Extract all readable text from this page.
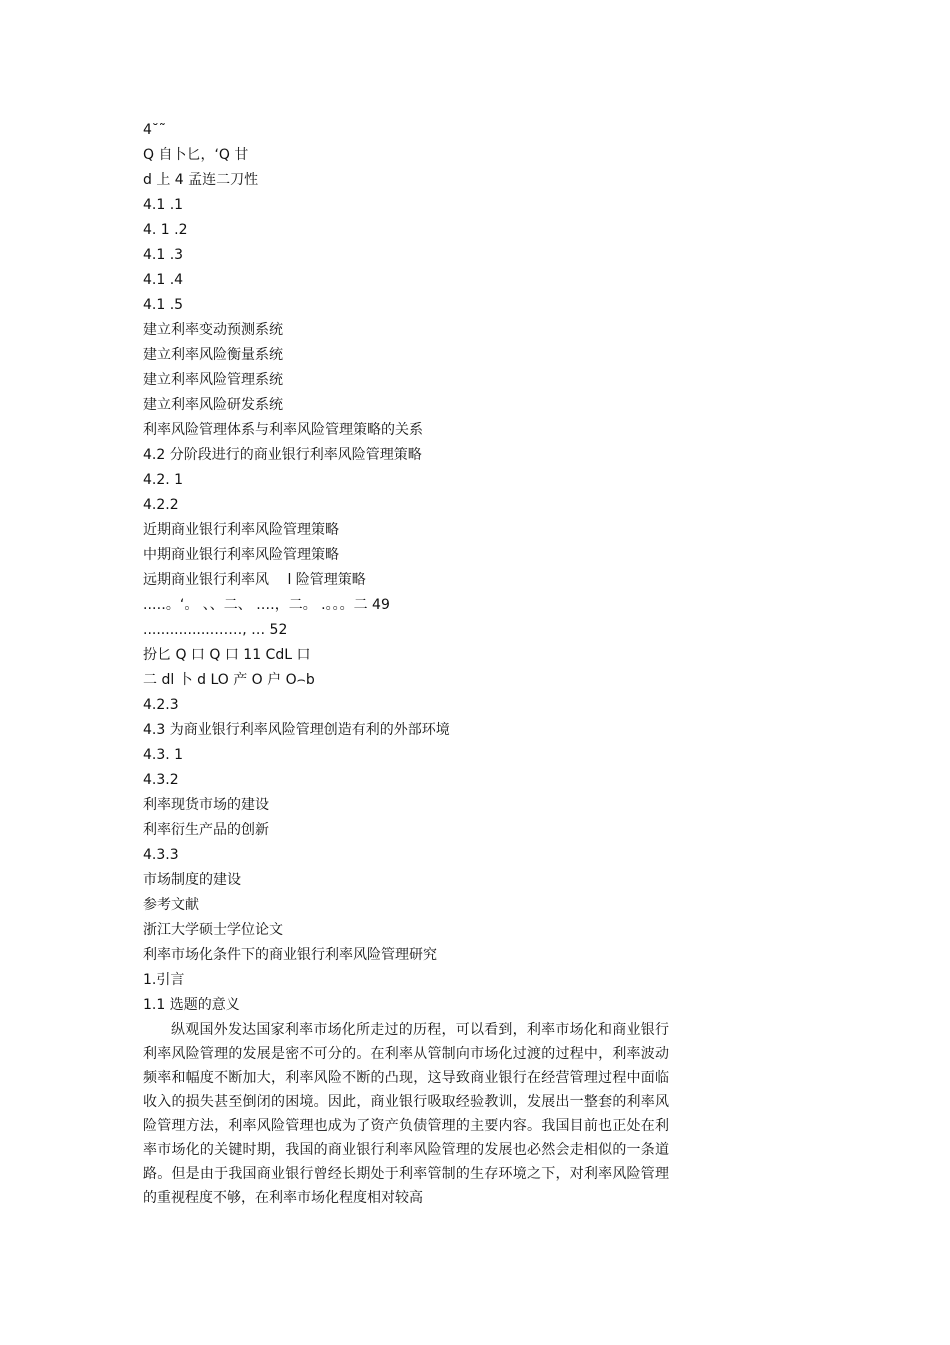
4˘˜
Q 自卜匕，‘Q 甘
d 上 4 孟连二刀性
4.1 .1
4. 1 .2
4.1 .3
4.1 .4
4.1 .5
建立利率变动预测系统
建立利率风险衡量系统
建立利率风险管理系统
建立利率风险研发系统
利率风险管理体系与利率风险管理策略的关系
4.2 分阶段进行的商业银行利率风险管理策略
4.2. 1
4.2.2
近期商业银行利率风险管理策略
中期商业银行利率风险管理策略
远期商业银行利率风　 l 险管理策略
..…。‘。 、、二、 .…，二。 .。。。二 49
................……, … 52
扮匕 Q 口 Q 口 11 CdL 口
二 dl 卜 d LO 产 O 户 O⌢b
4.2.3
4.3 为商业银行利率风险管理创造有利的外部环境
4.3. 1
4.3.2
利率现货市场的建设
利率衍生产品的创新
4.3.3
市场制度的建设
参考文献
浙江大学硕士学位论文
利率市场化条件下的商业银行利率风险管理研究
1.引言
1.1 选题的意义

纵观国外发达国家利率市场化所走过的历程，可以看到，利率市场化和商业银行利率风险管理的发展是密不可分的。在利率从管制向市场化过渡的过程中，利率波动频率和幅度不断加大，利率风险不断的凸现，这导致商业银行在经营管理过程中面临收入的损失甚至倒闭的困境。因此，商业银行吸取经验教训，发展出一整套的利率风险管理方法，利率风险管理也成为了资产负债管理的主要内容。我国目前也正处在利率市场化的关键时期，我国的商业银行利率风险管理的发展也必然会走相似的一条道路。但是由于我国商业银行曾经长期处于利率管制的生存环境之下，对利率风险管理的重视程度不够，在利率市场化程度相对较高
